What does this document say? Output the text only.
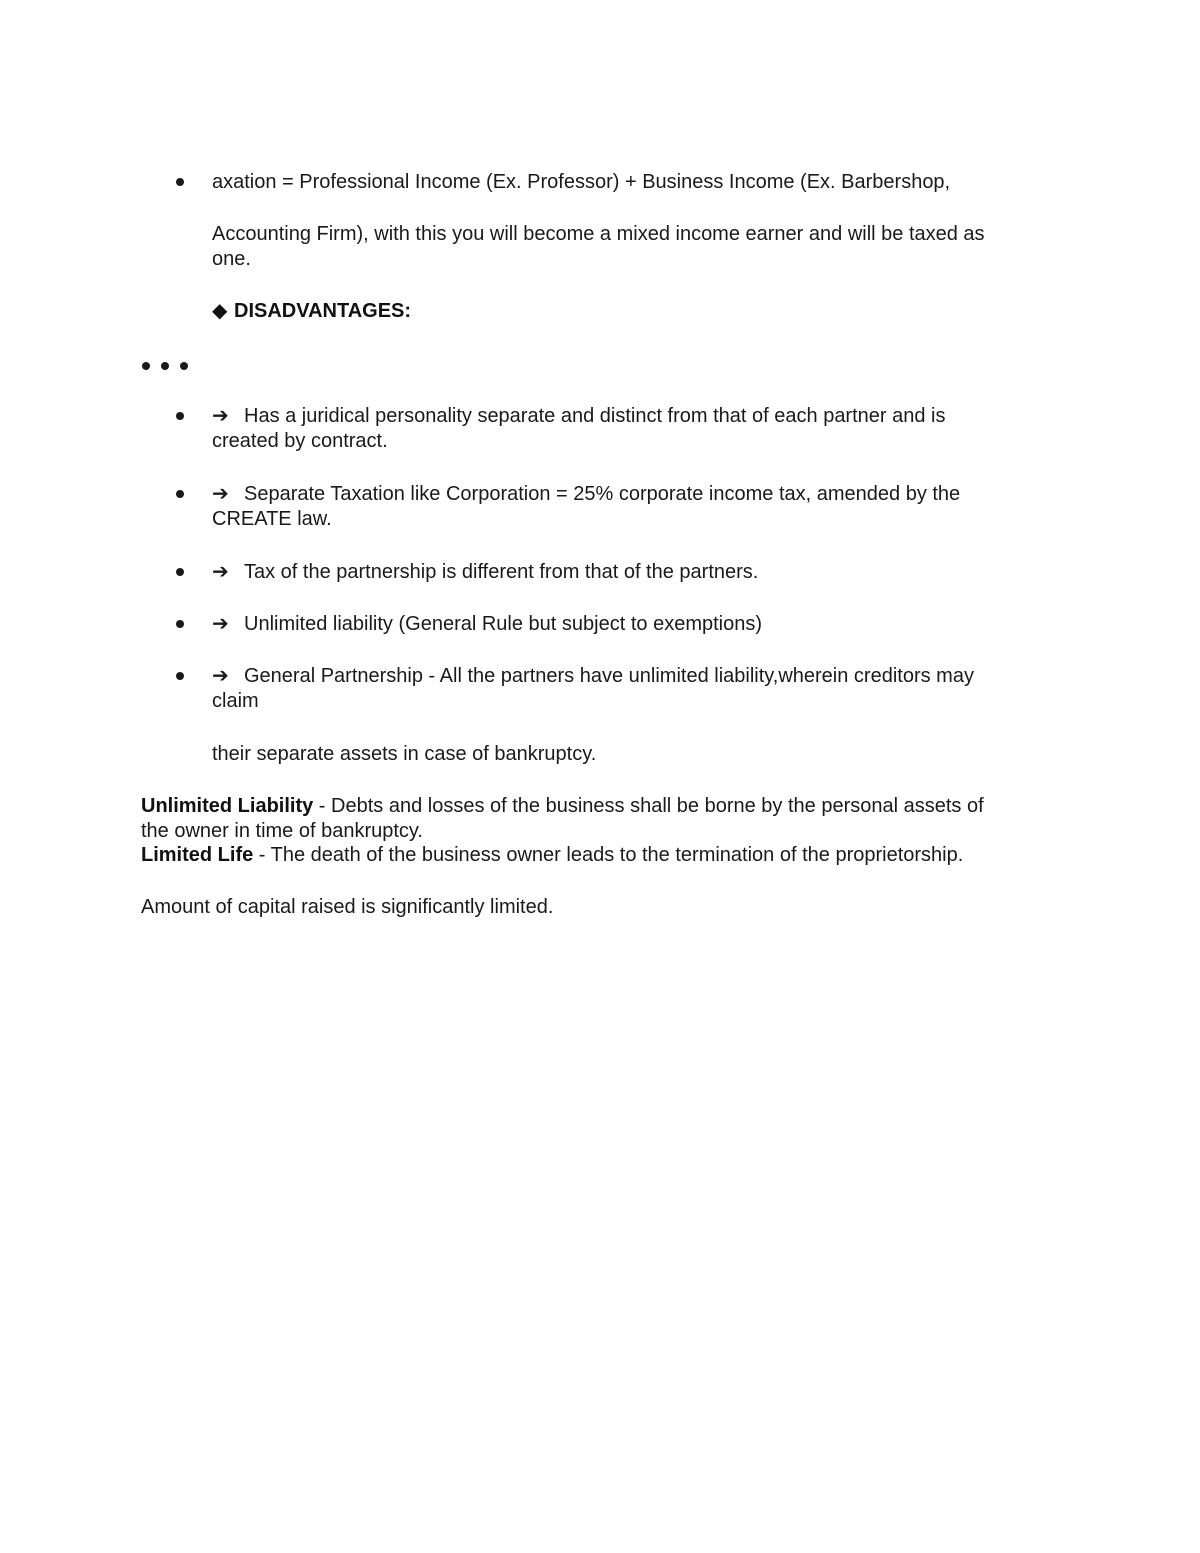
axation = Professional Income (Ex. Professor) + Business Income (Ex. Barbershop,
Accounting Firm), with this you will become a mixed income earner and will be taxed as
one.
◆ DISADVANTAGES:
➔ Has a juridical personality separate and distinct from that of each partner and is
created by contract.
➔ Separate Taxation like Corporation = 25% corporate income tax, amended by the
CREATE law.
➔ Tax of the partnership is different from that of the partners.
➔ Unlimited liability (General Rule but subject to exemptions)
➔ General Partnership - All the partners have unlimited liability,wherein creditors may
claim
their separate assets in case of bankruptcy.
Unlimited Liability - Debts and losses of the business shall be borne by the personal assets of
the owner in time of bankruptcy.
Limited Life - The death of the business owner leads to the termination of the proprietorship.
Amount of capital raised is significantly limited.
